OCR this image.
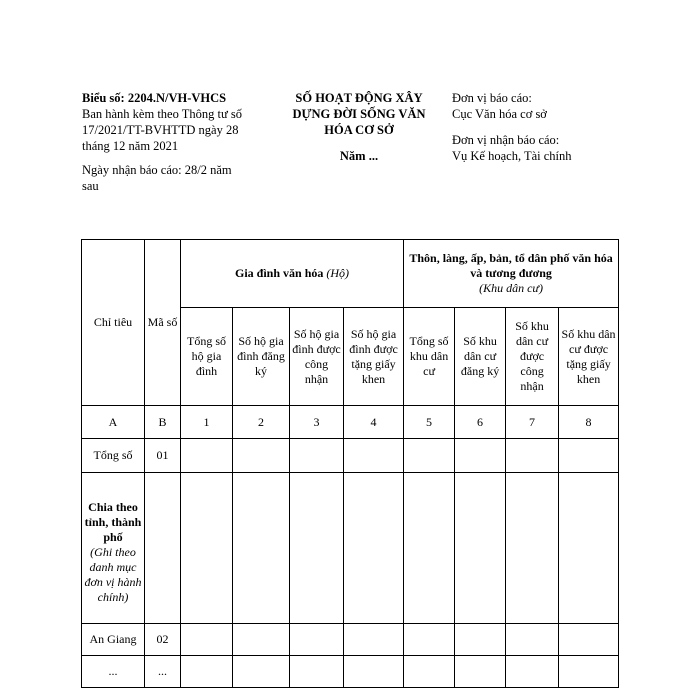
Biểu số: 2204.N/VH-VHCS
Ban hành kèm theo Thông tư số
17/2021/TT-BVHTTD ngày 28
tháng 12 năm 2021
Ngày nhận báo cáo: 28/2 năm
sau
SỐ HOẠT ĐỘNG XÂY
DỰNG ĐỜI SỐNG VĂN
HÓA CƠ SỞ
Năm ...
Đơn vị báo cáo:
Cục Văn hóa cơ sở
Đơn vị nhận báo cáo:
Vụ Kế hoạch, Tài chính
Chỉ tiêu	Mã số	Gia đình văn hóa (Hộ)				Thôn, làng, ấp, bản, tổ dân phố văn hóa và tương đương
(Khu dân cư)			

		Tổng số hộ gia đình	Số hộ gia đình đăng ký	Số hộ gia đình được công nhận	Số hộ gia đình được tặng giấy khen	Tổng số khu dân cư	Số khu dân cư đăng ký	Số khu dân cư được công nhận	Số khu dân cư được tặng giấy khen
A	B	1	2	3	4	5	6	7	8
Tổng số	01								

Chia theo tỉnh, thành phố
(Ghi theo danh mục đơn vị hành chính)									

An Giang	02								
...	...								
